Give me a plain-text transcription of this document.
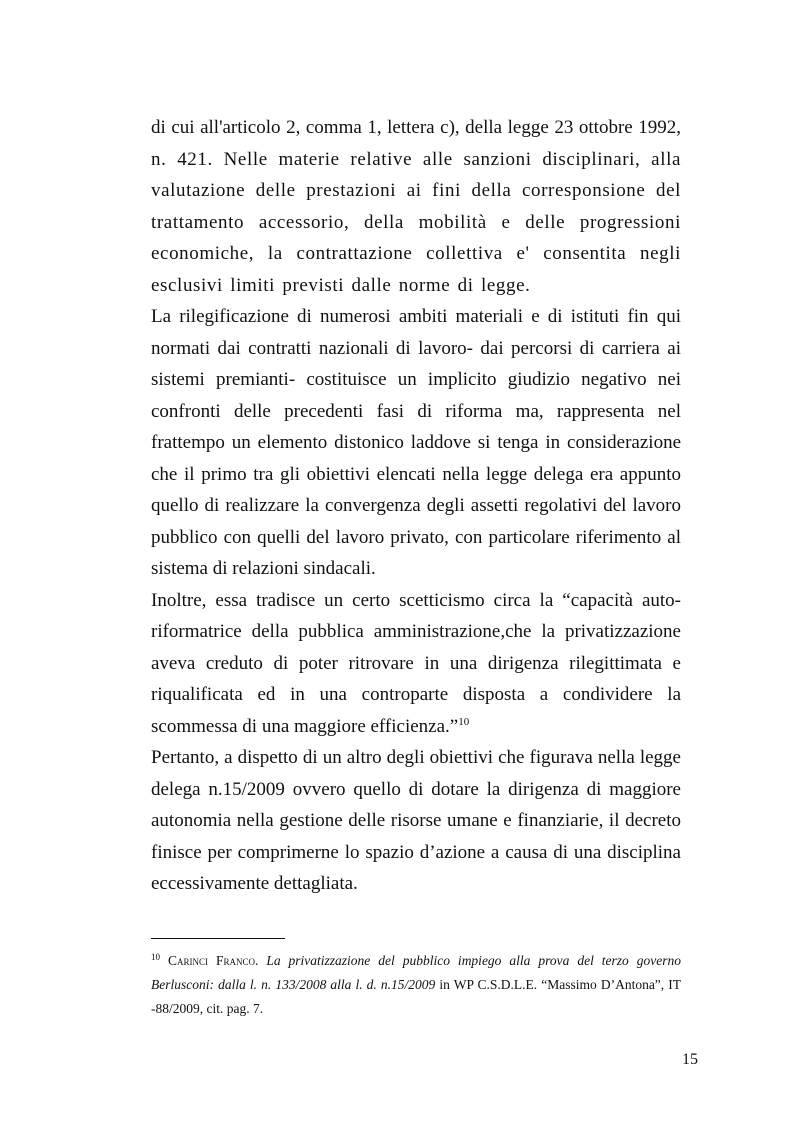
di cui all'articolo 2, comma 1, lettera c), della legge 23 ottobre 1992, n. 421. Nelle materie relative alle sanzioni disciplinari, alla valutazione delle prestazioni ai fini della corresponsione del trattamento accessorio, della mobilità e delle progressioni economiche, la contrattazione collettiva e' consentita negli esclusivi limiti previsti dalle norme di legge.

La rilegificazione di numerosi ambiti materiali e di istituti fin qui normati dai contratti nazionali di lavoro- dai percorsi di carriera ai sistemi premianti- costituisce un implicito giudizio negativo nei confronti delle precedenti fasi di riforma ma, rappresenta nel frattempo un elemento distonico laddove si tenga in considerazione che il primo tra gli obiettivi elencati nella legge delega era appunto quello di realizzare la convergenza degli assetti regolativi del lavoro pubblico con quelli del lavoro privato, con particolare riferimento al sistema di relazioni sindacali.

Inoltre, essa tradisce un certo scetticismo circa la “capacità auto-riformatrice della pubblica amministrazione,che la privatizzazione aveva creduto di poter ritrovare in una dirigenza rilegittimata e riqualificata ed in una controparte disposta a condividere la scommessa di una maggiore efficienza.”$^{10}$

Pertanto, a dispetto di un altro degli obiettivi che figurava nella legge delega n.15/2009 ovvero quello di dotare la dirigenza di maggiore autonomia nella gestione delle risorse umane e finanziarie, il decreto finisce per comprimerne lo spazio d’azione a causa di una disciplina eccessivamente dettagliata.

$^{10}$ Carinci Franco. La privatizzazione del pubblico impiego alla prova del terzo governo Berlusconi: dalla l. n. 133/2008 alla l. d. n.15/2009 in WP C.S.D.L.E. “Massimo D’Antona”, IT -88/2009, cit. pag. 7.

15
